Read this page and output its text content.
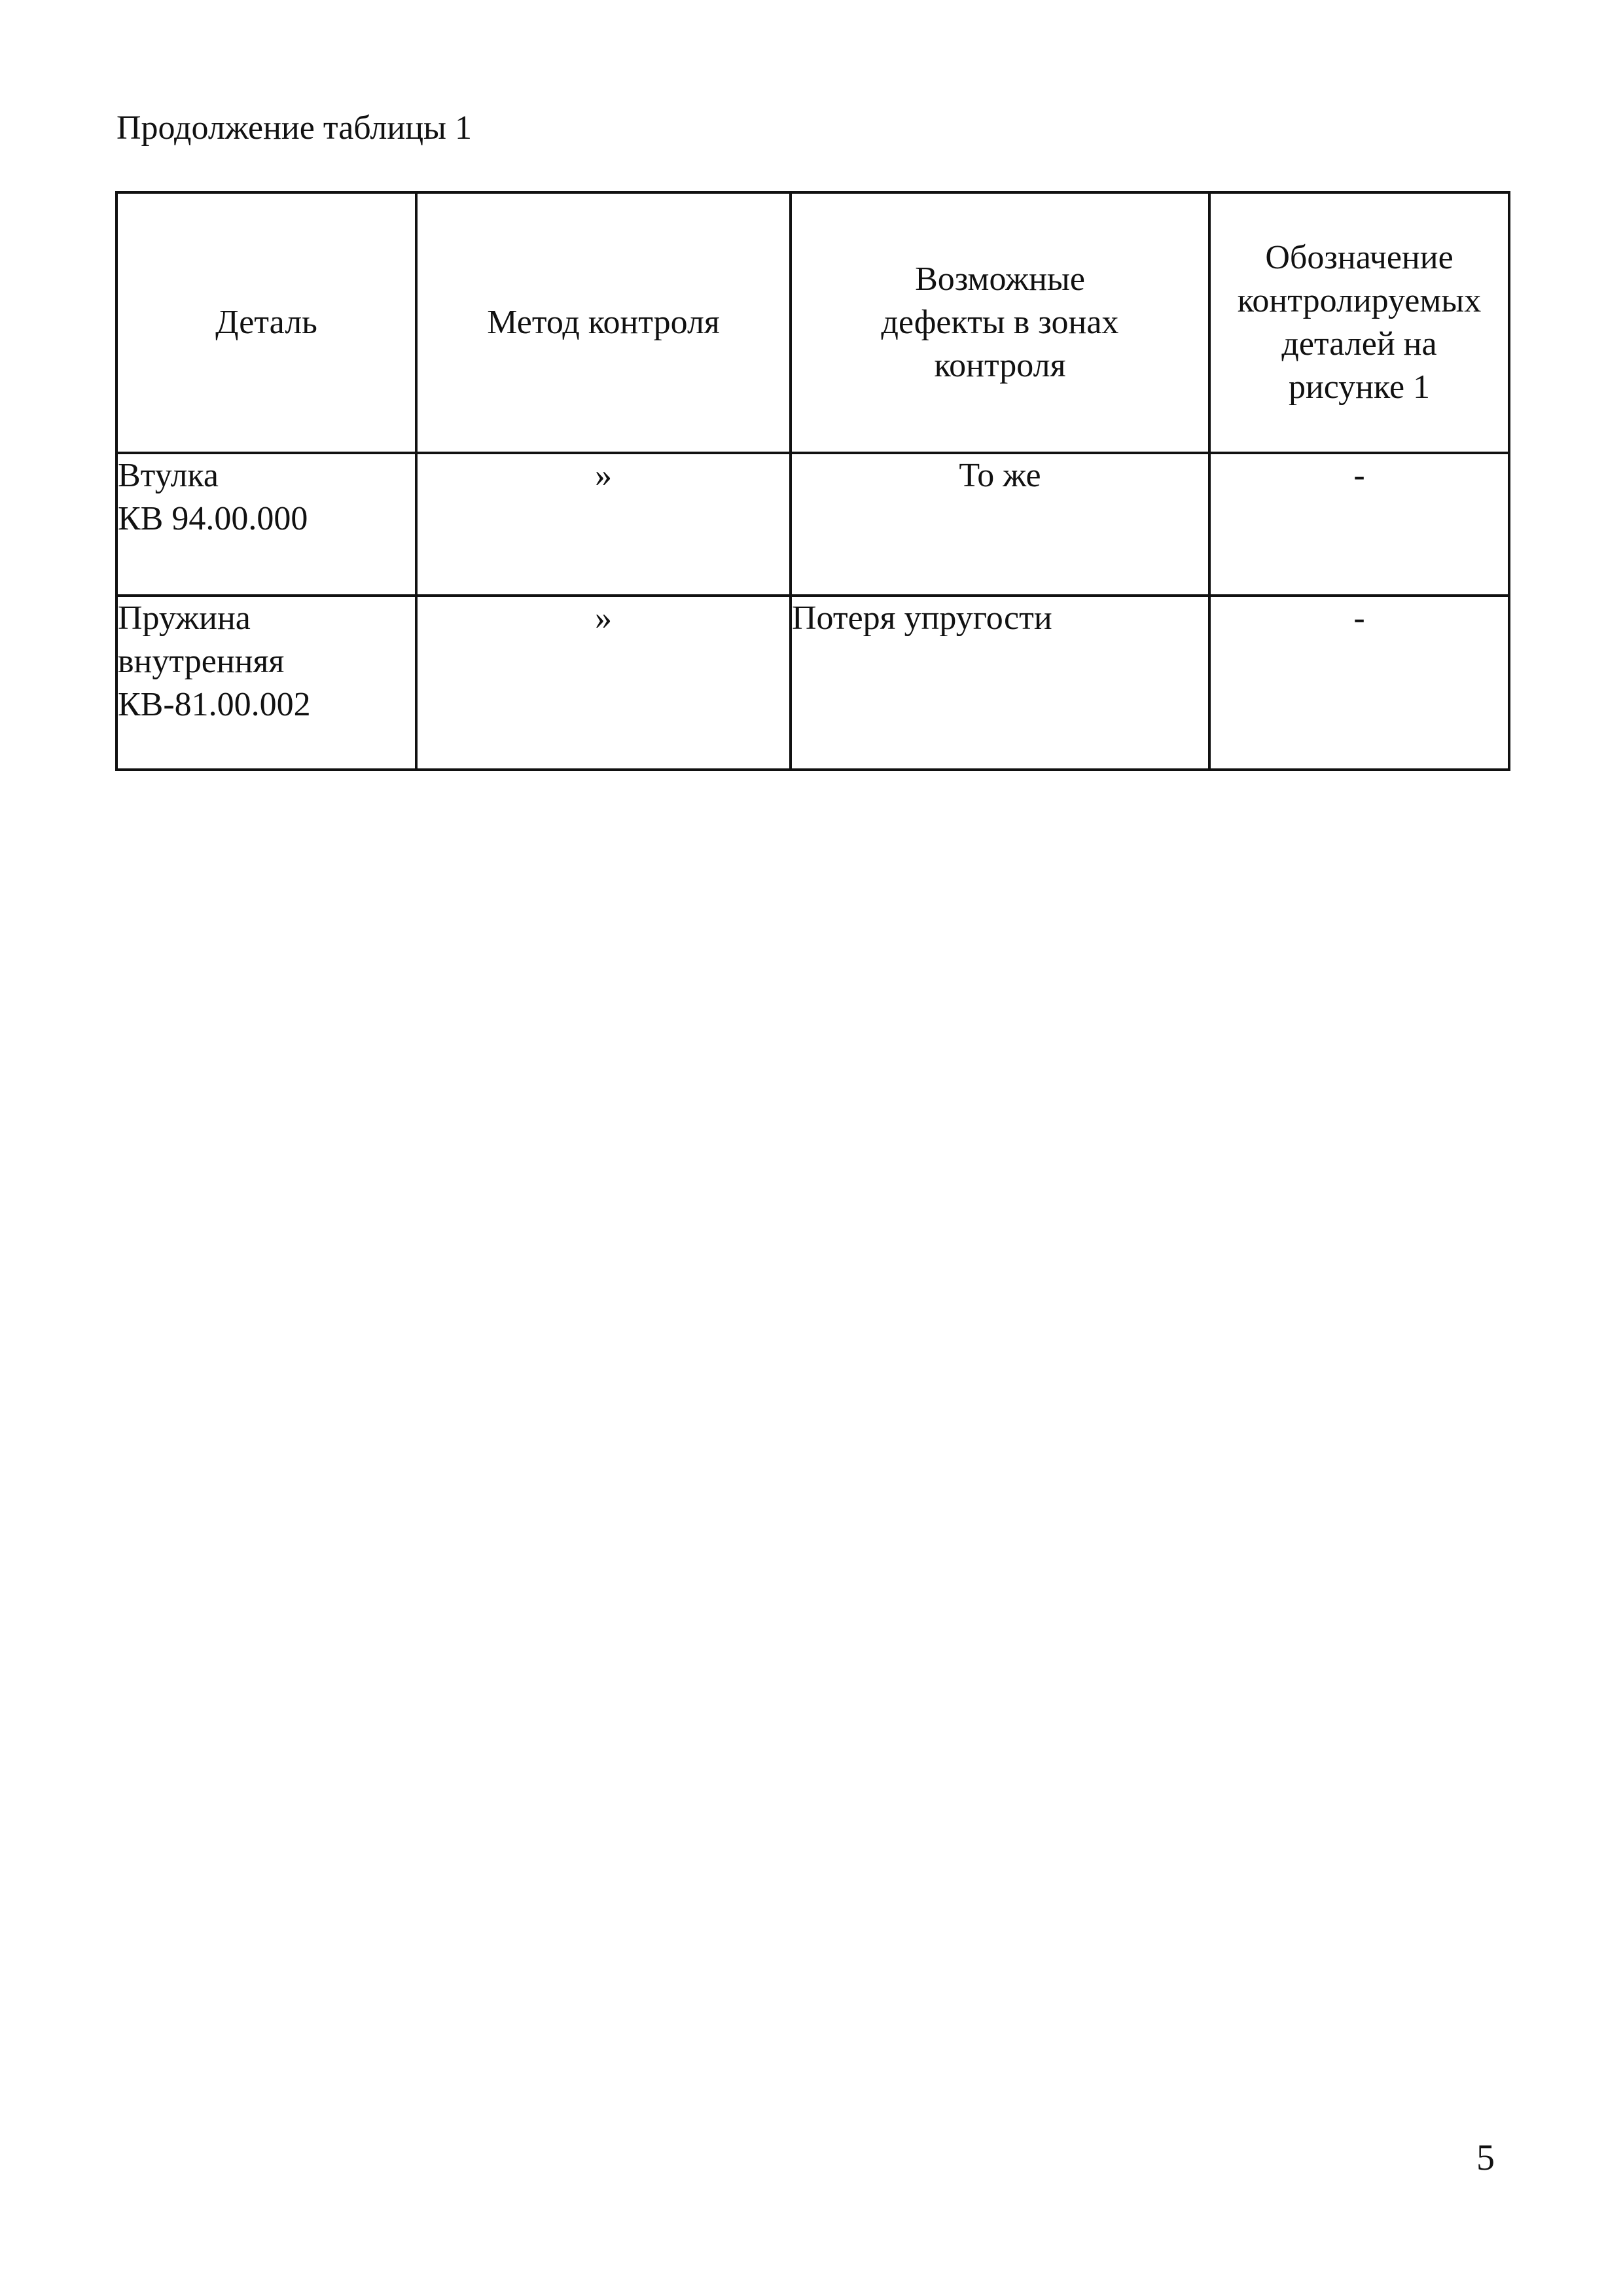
Продолжение таблицы 1

Деталь	Метод контроля	Возможные
дефекты в зонах
контроля	Обозначение
контролируемых
деталей на
рисунке 1

Втулка
КВ 94.00.000	»	То же	-

Пружина
внутренняя
КВ-81.00.002	»	Потеря упругости	-
5
